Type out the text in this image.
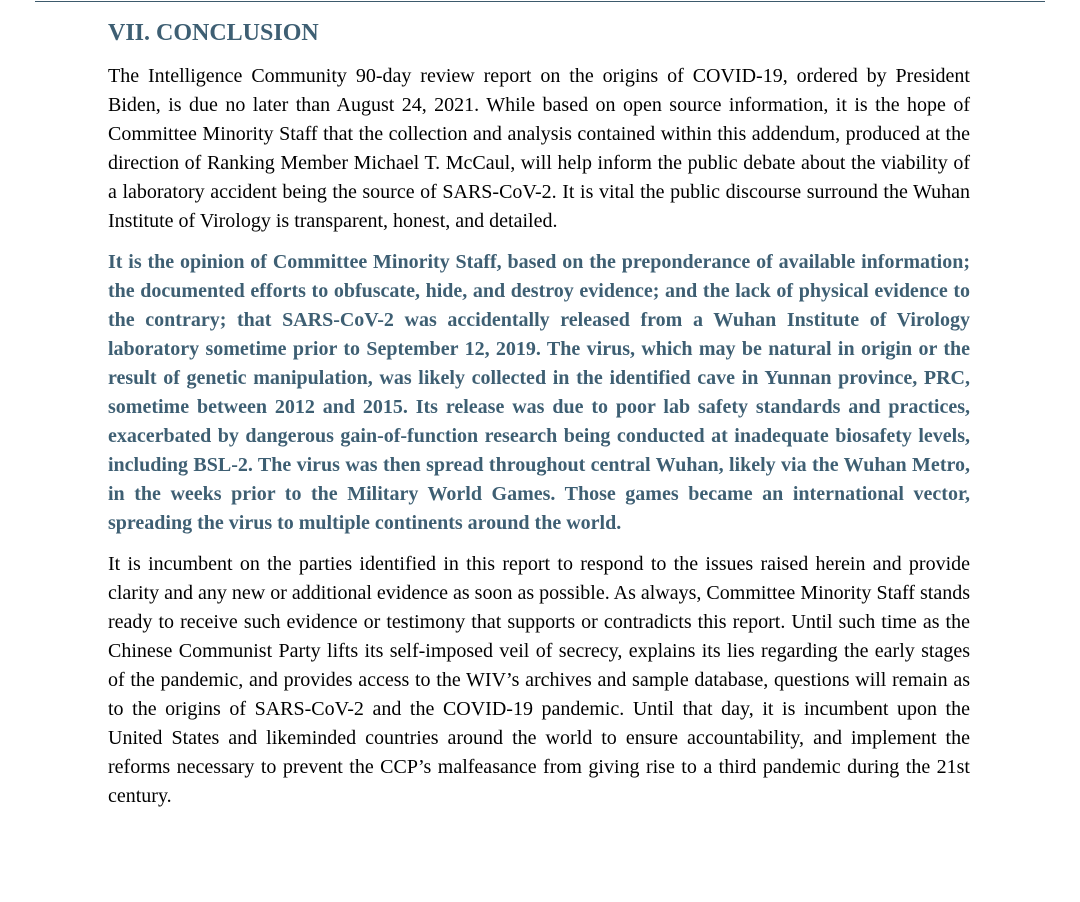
VII. CONCLUSION

The Intelligence Community 90-day review report on the origins of COVID-19, ordered by President Biden, is due no later than August 24, 2021. While based on open source information, it is the hope of Committee Minority Staff that the collection and analysis contained within this addendum, produced at the direction of Ranking Member Michael T. McCaul, will help inform the public debate about the viability of a laboratory accident being the source of SARS-CoV-2. It is vital the public discourse surround the Wuhan Institute of Virology is transparent, honest, and detailed.

It is the opinion of Committee Minority Staff, based on the preponderance of available information; the documented efforts to obfuscate, hide, and destroy evidence; and the lack of physical evidence to the contrary; that SARS-CoV-2 was accidentally released from a Wuhan Institute of Virology laboratory sometime prior to September 12, 2019. The virus, which may be natural in origin or the result of genetic manipulation, was likely collected in the identified cave in Yunnan province, PRC, sometime between 2012 and 2015. Its release was due to poor lab safety standards and practices, exacerbated by dangerous gain-of-function research being conducted at inadequate biosafety levels, including BSL-2. The virus was then spread throughout central Wuhan, likely via the Wuhan Metro, in the weeks prior to the Military World Games. Those games became an international vector, spreading the virus to multiple continents around the world.

It is incumbent on the parties identified in this report to respond to the issues raised herein and provide clarity and any new or additional evidence as soon as possible. As always, Committee Minority Staff stands ready to receive such evidence or testimony that supports or contradicts this report. Until such time as the Chinese Communist Party lifts its self-imposed veil of secrecy, explains its lies regarding the early stages of the pandemic, and provides access to the WIV’s archives and sample database, questions will remain as to the origins of SARS-CoV-2 and the COVID-19 pandemic. Until that day, it is incumbent upon the United States and likeminded countries around the world to ensure accountability, and implement the reforms necessary to prevent the CCP’s malfeasance from giving rise to a third pandemic during the 21st century.
